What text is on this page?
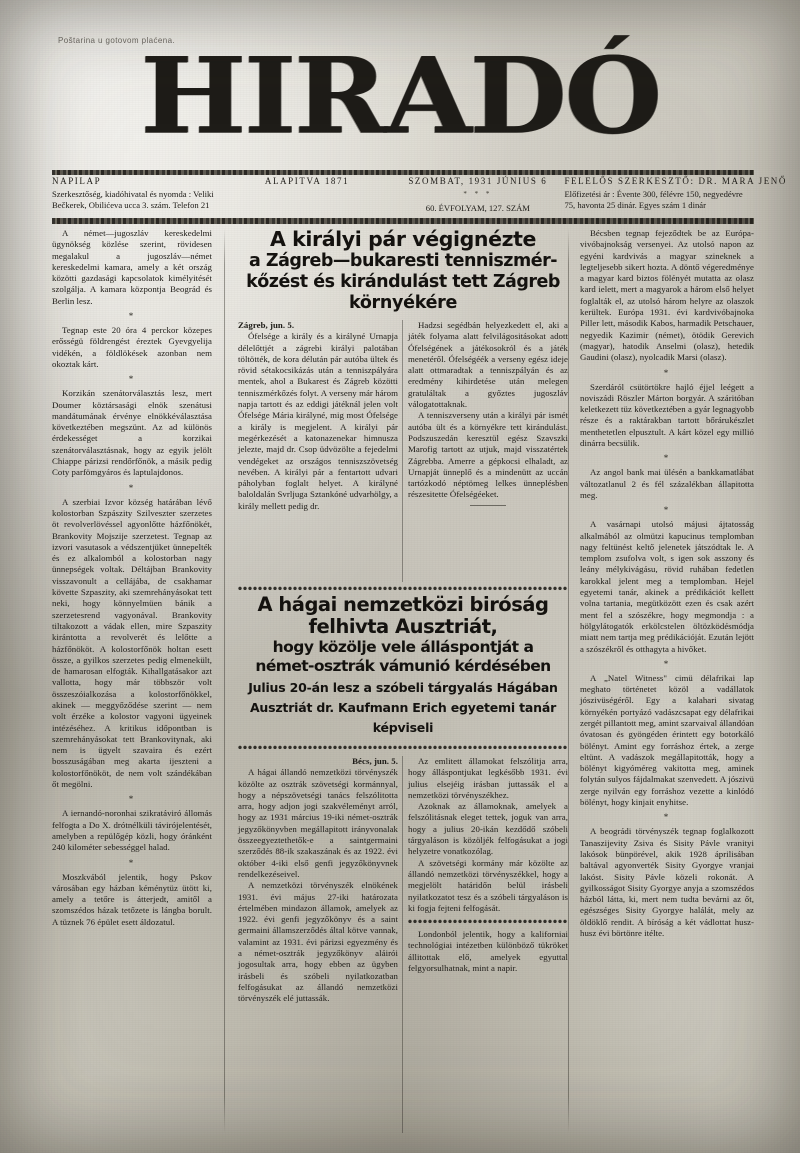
Poštarina u gotovom plaćena.
HIRADÓ
NAPILAP
Szerkesztőség, kiadóhivatal és nyomda : Veliki Bečkerek, Obilićeva ucca 3. szám. Telefon 21
ALAPITVA 1871	SZOMBAT, 1931 JÚNIUS 6
* * *
60. ÉVFOLYAM, 127. SZÁM
FELELŐS SZERKESZTŐ: DR. MARA JENŐ
Előfizetési ár : Évente 300, félévre 150, negyedévre 75, havonta 25 dinár. Egyes szám 1 dinár

A német—jugoszláv kereskedelmi ügynökség közlése szerint, rövidesen megalakul a jugoszláv—német kereskedelmi kamara, amely a két ország közötti gazdasági kapcsolatok kimélyitését szolgálja. A kamara központja Beográd és Berlin lesz.

*

Tegnap este 20 óra 4 perckor közepes erősségü földrengést éreztek Gyevgyelija vidékén, a földlökések azonban nem okoztak kárt.

*

Korzikán szenátorválasztás lesz, mert Doumer köztársasági elnök szenátusi mandátumának érvénye elnökkéválasztása következtében megszünt. Az ad különös érdekességet a korzikai szenátorválasztásnak, hogy az egyik jelölt Chiappe párizsi rendőrfőnök, a másik pedig Coty parfömgyáros és laptulajdonos.

*

A szerbiai Izvor község határában lévő kolostorban Szpászity Szilveszter szerzetes öt revolverlövéssel agyonlőtte házfőnökét, Brankovity Mojszije szerzetest. Tegnap az izvori vasutasok a védszentjüket ünnepelték és ez alkalomból a kolostorban nagy ünnepségek voltak. Déltájban Brankovity visszavonult a cellájába, de csakhamar követte Szpaszity, aki szemrehányásokat tett neki, hogy könnyelmüen bánik a szerzetesrend vagyonával. Brankovity tiltakozott a vádak ellen, mire Szpaszity kirántotta a revolverét és lelőtte a házfőnököt. A kolostorfőnök holtan esett össze, a gyilkos szerzetes pedig elmenekült, de hamarosan elfogták. Kihallgatásakor azt vallotta, hogy már többször volt összeszóialkozása a kolostorfőnökkel, akinek — meggyőződése szerint — nem volt érzéke a kolostor vagyoni ügyeinek intézéséhez. A kritikus időpontban is szemrehányásokat tett Brankovitynak, aki nem is ügyelt szavaira és ezért bosszuságában meg akarta ijeszteni a kolostorfőnököt, de nem volt szándékában őt megölni.

*

A iernandó-noronhai szikratáviró állomás felfogta a Do X. drótnélküli távirójelentését, amelyben a repülőgép közli, hogy óránként 240 kilométer sebességgel halad.

*

Moszkvából jelentik, hogy Pskov városában egy házban kéménytüz ütött ki, amely a tetőre is átterjedt, amitől a szomszédos házak tetőzete is lángba borult. A tüznek 76 épület esett áldozatul.

A királyi pár végignézte
a Zágreb—bukaresti tenniszmér-
kőzést és kirándulást tett Zágreb
környékére

Zágreb, jun. 5.

Ófelsége a király és a királyné Urnapja délelőttjét a zágrebi királyi palotában töltötték, de kora délután pár autóba ültek és rövid sétakocsikázás után a tenniszpályára mentek, ahol a Bukarest és Zágreb közötti tenniszmérkőzés folyt. A verseny már három napja tartott és az eddigi játéknál jelen volt Ófelsége Mária királyné, mig most Ófelsége a király is megjelent. A királyi pár megérkezését a katonazenekar himnusza jelezte, majd dr. Csop üdvözölte a fejedelmi vendégeket az országos tenniszszövetség nevében. A királyi pár a fentartott udvari páholyban foglalt helyet. A királyné baloldalán Svrljuga Sztankóné udvarhölgy, a király mellett pedig dr.

Hadzsi segédbán helyezkedett el, aki a játék folyama alatt felvilágositásokat adott Ófelségének a játékosokról és a játék menetéről. Ófelségéék a verseny egész ideje alatt ottmaradtak a tenniszpályán és az eredmény kihirdetése után melegen gratuláltak a győztes jugoszláv válogatottaknak.

A tenniszverseny után a királyi pár ismét autóba ült és a környékre tett kirándulást. Podszuszedán keresztül egész Szavszki Marofig tartott az utjuk, majd visszatértek Zágrebba. Amerre a gépkocsi elhaladt, az Urnapját ünneplő és a mindenütt az uccán tartózkodó néptömeg lelkes ünneplésben részesitette Ófelségéeket.

A hágai nemzetközi biróság
felhivta Ausztriát,
hogy közölje vele álláspontját a
német-osztrák vámunió kérdésében
Julius 20-án lesz a szóbeli tárgyalás Hágában
Ausztriát dr. Kaufmann Erich egyetemi tanár
képviseli

Bécs, jun. 5.

A hágai állandó nemzetközi törvényszék közölte az osztrák szövetségi kormánnyal, hogy a népszövetségi tanács felszólitotta arra, hogy adjon jogi szakvéleményt arról, hogy az 1931 március 19-iki német-osztrák jegyzőkönyvben megállapitott irányvonalak összeegyeztethetők-e a saintgermaini szerződés 88-ik szakaszának és az 1922. évi október 4-iki első genfi jegyzőkönyvnek rendelkezéseivel.

A nemzetközi törvényszék elnökének 1931. évi május 27-iki határozata értelmében mindazon államok, amelyek az 1922. évi genfi jegyzőkönyv és a saint germaini államszerződés által kötve vannak, valamint az 1931. évi párizsi egyezmény és a német-osztrák jegyzőkönyv aláirói jogosultak arra, hogy ebben az ügyben irásbeli és szóbeli nyilatkozatban felfogásukat az állandó nemzetközi törvényszék elé juttassák.

Az emlitett államokat felszólitja arra, hogy álláspontjukat legkésőbb 1931. évi julius elsejéig irásban juttassák el a nemzetközi törvényszékhez.

Azoknak az államoknak, amelyek a felszólitásnak eleget tettek, joguk van arra, hogy a julius 20-ikán kezdődő szóbeli tárgyaláson is közöljék felfogásukat a jogi helyzetre vonatkozólag.

A szövetségi kormány már közölte az állandó nemzetközi törvényszékkel, hogy a megjelölt határidőn belül irásbeli nyilatkozatot tesz és a szóbeli tárgyaláson is ki fogja fejteni felfogását.

Londonból jelentik, hogy a kaliforniai technológiai intézetben különböző tükröket állitottak elő, amelyek egyuttal felgyorsulhatnak, mint a napir.

Bécsben tegnap fejeződtek be az Európa-vivóbajnokság versenyei. Az utolsó napon az egyéni kardvivás a magyar szineknek a legteljesebb sikert hozta. A döntő végeredménye a magyar kard biztos fölényét mutatta az olasz kard ielett, mert a magyarok a három első helyet foglalták el, az utolsó három helyre az olaszok kerültek. Európa 1931. évi kardvivóbajnoka Piller lett, második Kabos, harmadik Petschauer, negyedik Kazimir (német), ötödik Gerevich (magyar), hatodik Anselmi (olasz), hetedik Gaudini (olasz), nyolcadik Marsi (olasz).

*

Szerdáról csütörtökre hajló éjjel leégett a noviszádi Röszler Márton borgyár. A száritóban keletkezett tüz következtében a gyár legnagyobb része és a raktárakban tartott bőrárukészlet menthetetlen elpusztult. A kárt közel egy millió dinárra becsülik.

*

Az angol bank mai ülésén a bankkamatlábat változatlanul 2 és fél százalékban állapitotta meg.

*

A vasárnapi utolsó májusi ájtatosság alkalmából az olmützi kapucinus templomban nagy feltünést keltő jelenetek játszódtak le. A templom zsufolva volt, s igen sok asszony és leány mélykivágásu, rövid ruhában fedetlen karokkal jelent meg a templomban. Hejel egyetemi tanár, akinek a prédikációt kellett volna tartania, megütközött ezen és csak azért ment fel a szószékre, hogy megmondja : a hölgylátogatók erkölcstelen öltözködésmódja miatt nem tartja meg prédikációját. Ezután lejött a szószékről és otthagyta a hivőket.

*

A „Natel Witness" cimü délafrikai lap meghato történetet közöl a vadállatok jószivüségéről. Egy a kalahari sivatag környékén portyázó vadászcsapat egy délafrikai zergét pillantott meg, amint szarvaival állandóan óvatosan és gyöngéden érintett egy botorkáló bölényt. Amint egy forráshoz értek, a zerge eltünt. A vadászok megállapitották, hogy a bölényt kigyóméreg vakitotta meg, aminek folytán sulyos fájdalmakat szenvedett. A jószivü zerge nyilván egy forráshoz vezette a kinlódó bölényt, hogy kinjait enyhitse.

*

A beográdi törvényszék tegnap foglalkozott Tanaszijevity Zsiva és Sisity Pávle vranityi lakósok bünpörével, akik 1928 áprilisában baltával agyonverték Sisity Gyorgye vranjai lakóst. Sisity Pávle közeli rokonát. A gyilkosságot Sisity Gyorgye anyja a szomszédos házból látta, ki, mert nem tudta bevárni az őt, egészséges Sisity Gyorgye halálát, mely az öldöklő rendit. A bíróság a két vádlottat husz-husz évi börtönre itélte.
